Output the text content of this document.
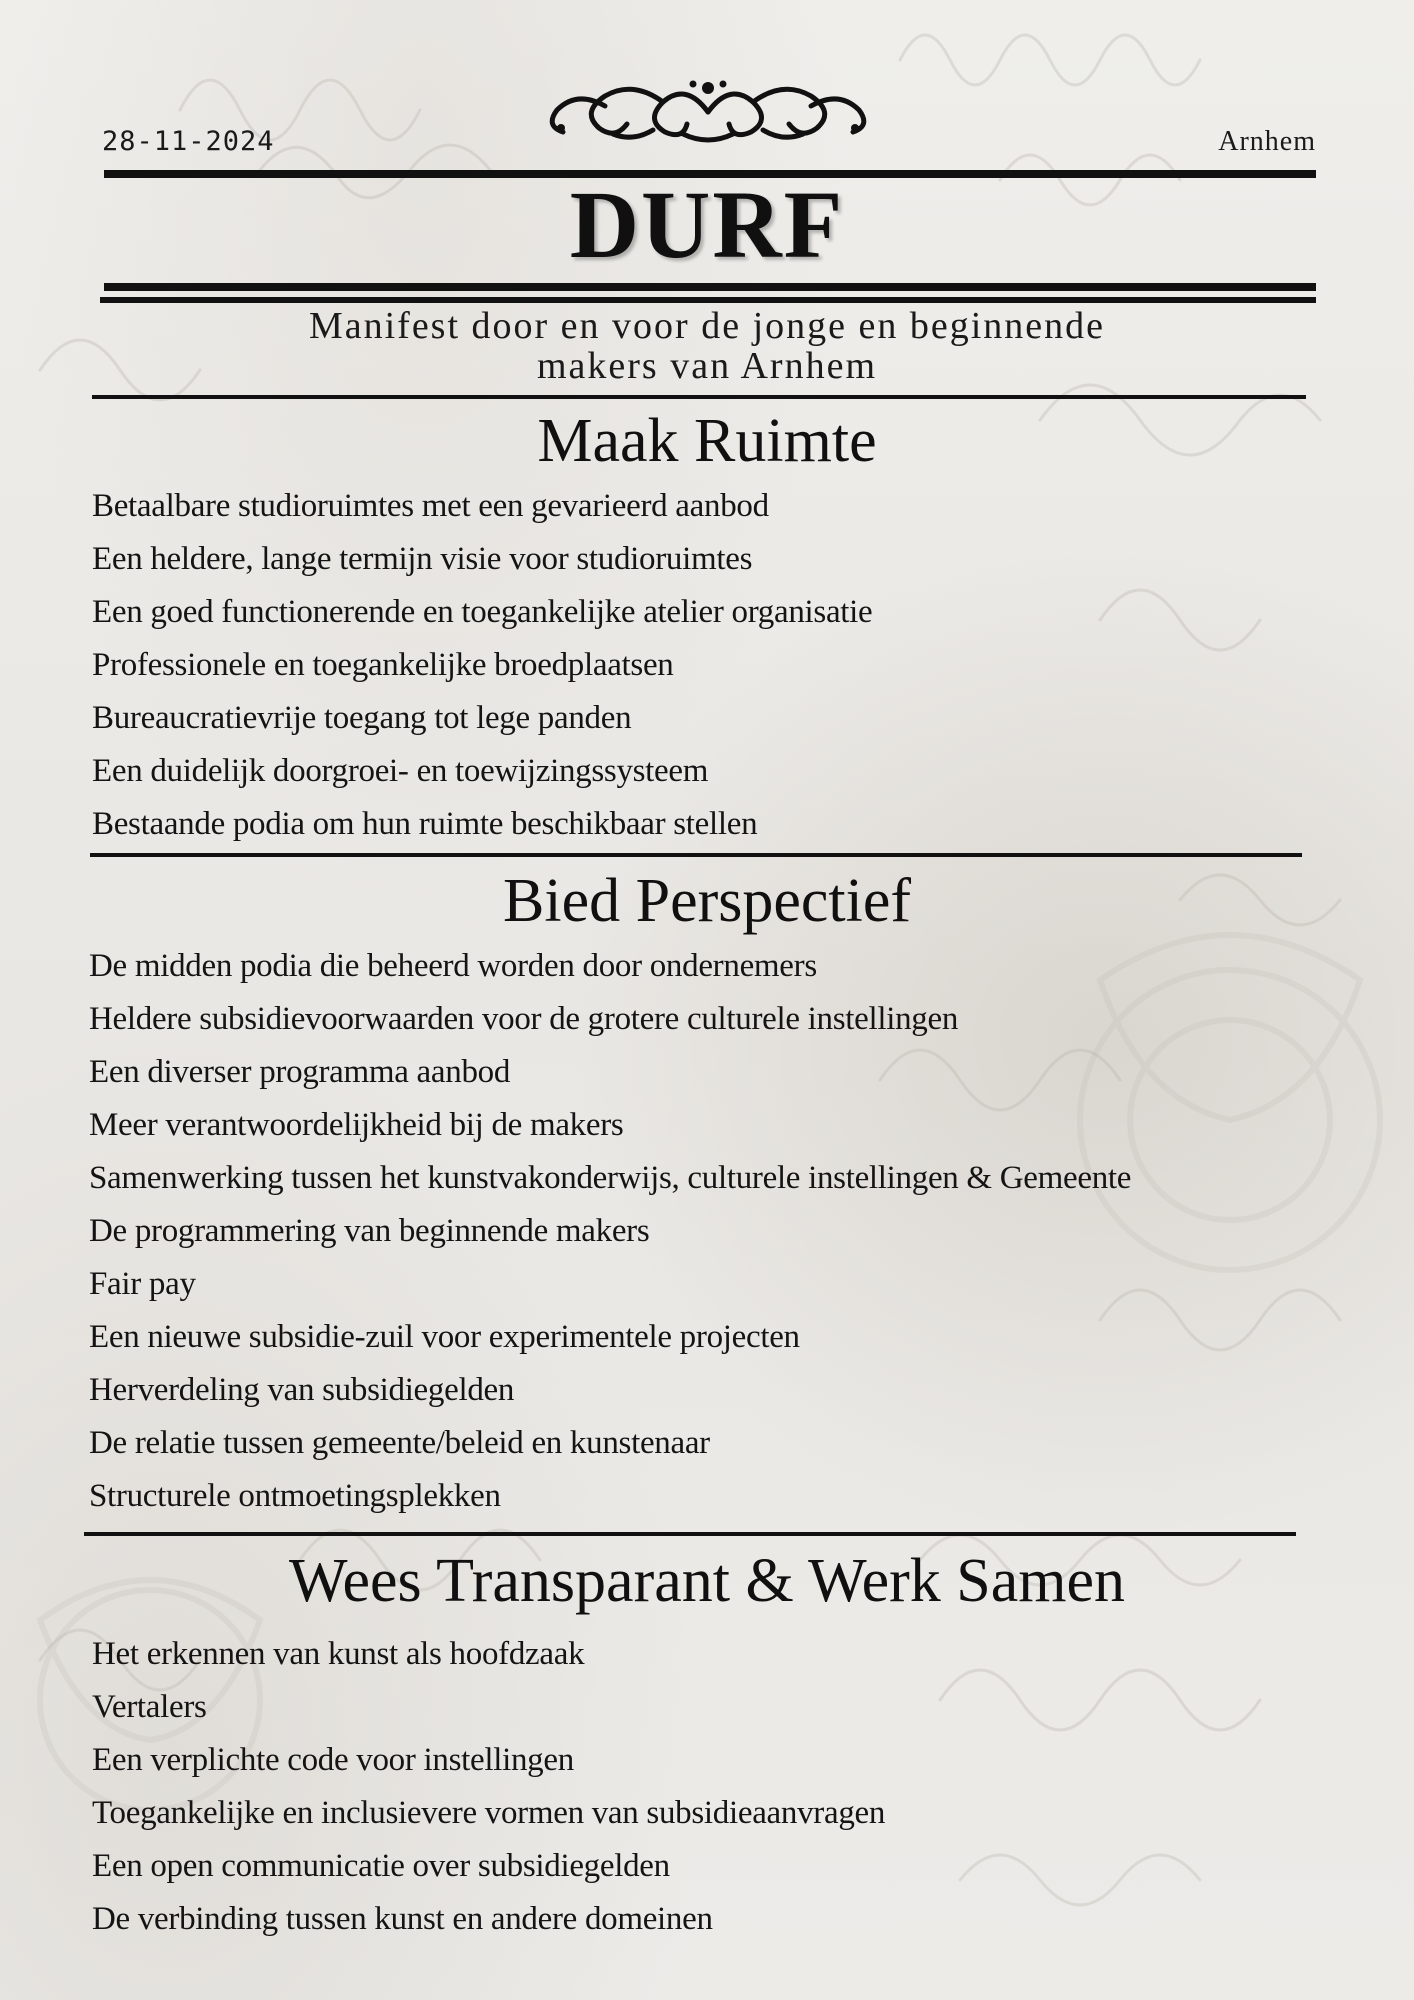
28-11-2024	Arnhem
DURF
Manifest door en voor de jonge en beginnende
makers van Arnhem
Maak Ruimte
Betaalbare studioruimtes met een gevarieerd aanbod
Een heldere, lange termijn visie voor studioruimtes
Een goed functionerende en toegankelijke atelier organisatie
Professionele en toegankelijke broedplaatsen
Bureaucratievrije toegang tot lege panden
Een duidelijk doorgroei- en toewijzingssysteem
Bestaande podia om hun ruimte beschikbaar stellen
Bied Perspectief
De midden podia die beheerd worden door ondernemers
Heldere subsidievoorwaarden voor de grotere culturele instellingen
Een diverser programma aanbod
Meer verantwoordelijkheid bij de makers
Samenwerking tussen het kunstvakonderwijs, culturele instellingen & Gemeente
De programmering van beginnende makers
Fair pay
Een nieuwe subsidie-zuil voor experimentele projecten
Herverdeling van subsidiegelden
De relatie tussen gemeente/beleid en kunstenaar
Structurele ontmoetingsplekken
Wees Transparant & Werk Samen
Het erkennen van kunst als hoofdzaak
Vertalers
Een verplichte code voor instellingen
Toegankelijke en inclusievere vormen van subsidieaanvragen
Een open communicatie over subsidiegelden
De verbinding tussen kunst en andere domeinen
